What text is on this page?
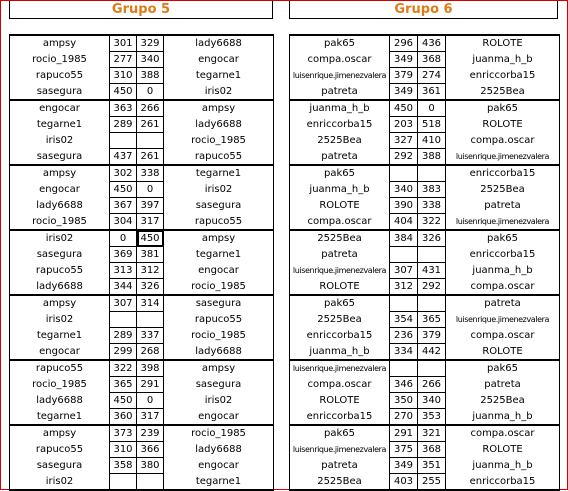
Grupo 5	Grupo 6
ampsy	301	329	lady6688
rocio_1985	277	340	engocar
rapuco55	310	388	tegarne1
sasegura	450	0	iris02
engocar	363	266	ampsy
tegarne1	289	261	lady6688
iris02			rocio_1985
sasegura	437	261	rapuco55
ampsy	302	338	tegarne1
engocar	450	0	iris02
lady6688	367	397	sasegura
rocio_1985	304	317	rapuco55
iris02	0	450	ampsy
sasegura	369	381	tegarne1
rapuco55	313	312	engocar
lady6688	344	326	rocio_1985
ampsy	307	314	sasegura
iris02			rapuco55
tegarne1	289	337	rocio_1985
engocar	299	268	lady6688
rapuco55	322	398	ampsy
rocio_1985	365	291	sasegura
lady6688	450	0	iris02
tegarne1	360	317	engocar
ampsy	373	239	rocio_1985
rapuco55	310	366	lady6688
sasegura	358	380	engocar
iris02			tegarne1
pak65	296	436	ROLOTE
compa.oscar	349	368	juanma_h_b
luisenrique.jimenezvalera	379	274	enriccorba15
patreta	349	361	2525Bea
juanma_h_b	450	0	pak65
enriccorba15	203	518	ROLOTE
2525Bea	327	410	compa.oscar
patreta	292	388	luisenrique.jimenezvalera
pak65			enriccorba15
juanma_h_b	340	383	2525Bea
ROLOTE	390	338	patreta
compa.oscar	404	322	luisenrique.jimenezvalera
2525Bea	384	326	pak65
patreta			enriccorba15
luisenrique.jimenezvalera	307	431	juanma_h_b
ROLOTE	312	292	compa.oscar
pak65			patreta
2525Bea	354	365	luisenrique.jimenezvalera
enriccorba15	236	379	compa.oscar
juanma_h_b	334	442	ROLOTE
luisenrique.jimenezvalera			pak65
compa.oscar	346	266	patreta
ROLOTE	350	340	2525Bea
enriccorba15	270	353	juanma_h_b
pak65	291	321	compa.oscar
luisenrique.jimenezvalera	375	368	ROLOTE
patreta	349	351	juanma_h_b
2525Bea	403	255	enriccorba15
